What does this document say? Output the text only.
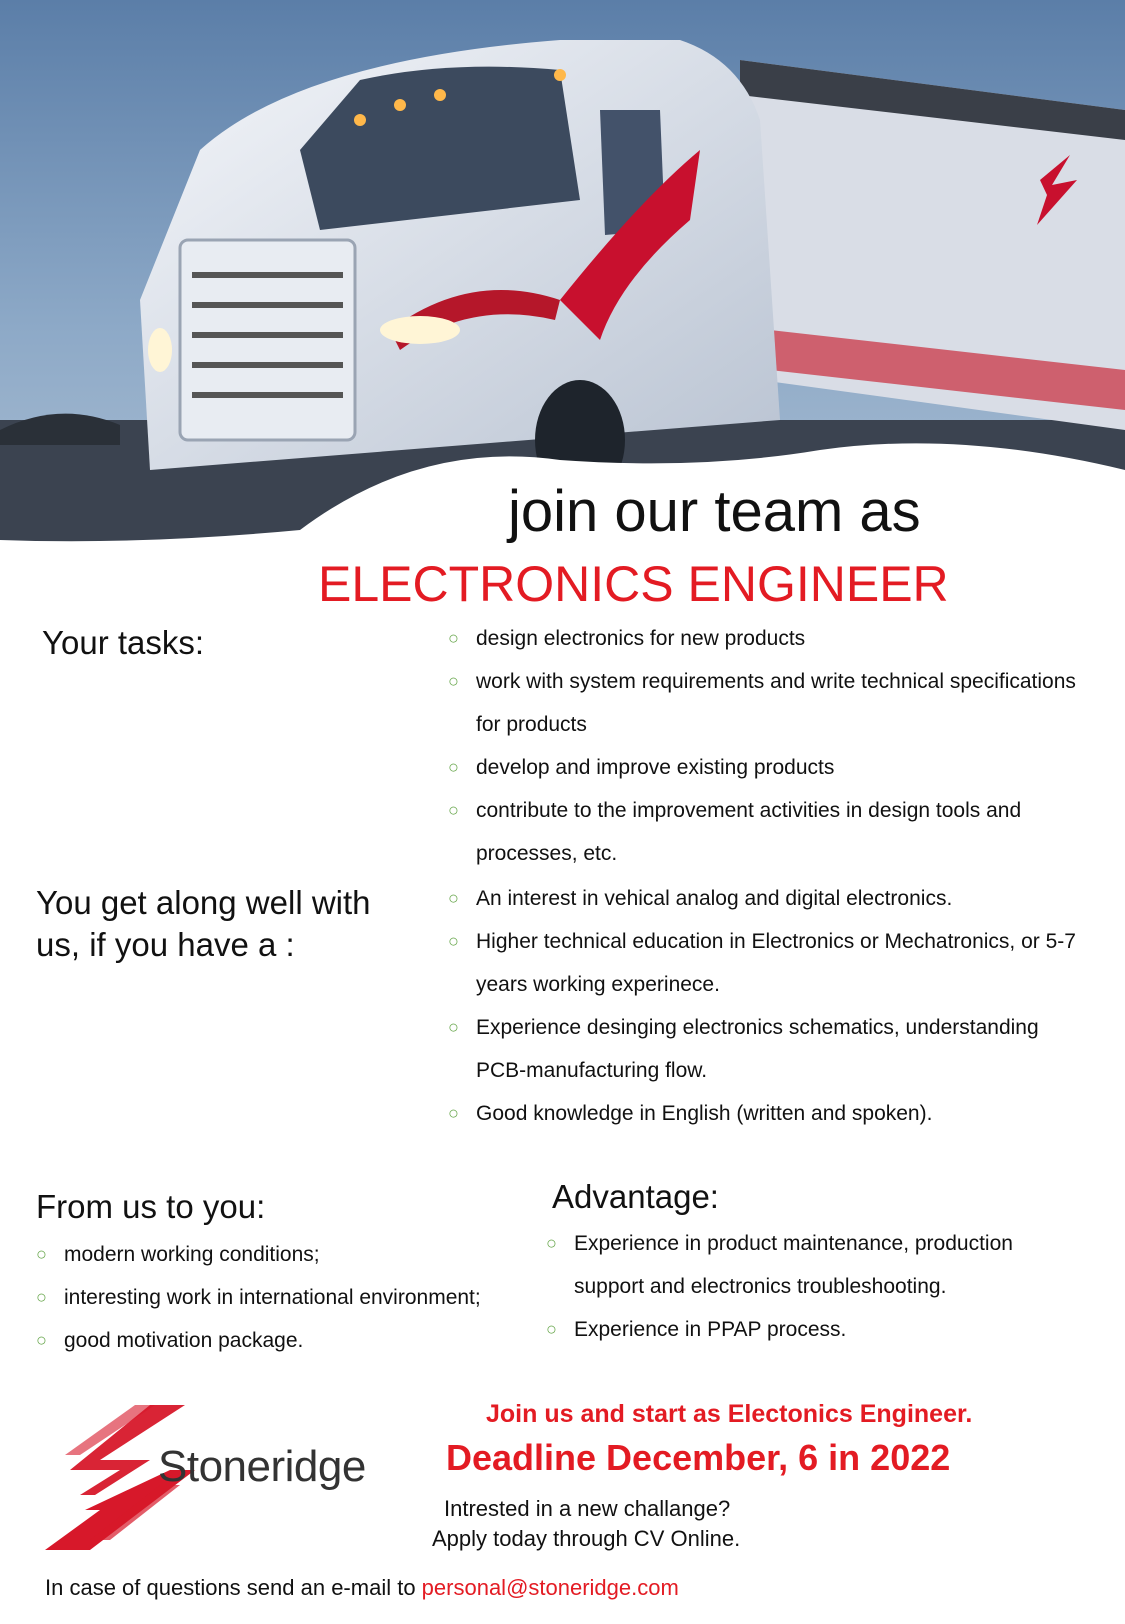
join our team as
ELECTRONICS ENGINEER
Your tasks:	○ design electronics for new products
○ work with system requirements and write technical specifications for products
○ develop and improve existing products
○ contribute to the improvement activities in design tools and processes, etc.
You get along well with us, if you have a :
○ An interest in vehical analog and digital electronics.
○ Higher technical education in Electronics or Mechatronics, or 5-7 years working experinece.
○ Experience desinging electronics schematics, understanding PCB-manufacturing flow.
○ Good knowledge in English (written and spoken).
From us to you:
○ modern working conditions;
○ interesting work in international environment;
○ good motivation package.
Advantage:
○ Experience in product maintenance, production support and electronics troubleshooting.
○ Experience in PPAP process.
Stoneridge
Join us and start as Electonics Engineer.
Deadline December, 6 in 2022
Intrested in a new challange?
Apply today through CV Online.
In case of questions send an e-mail to personal@stoneridge.com
